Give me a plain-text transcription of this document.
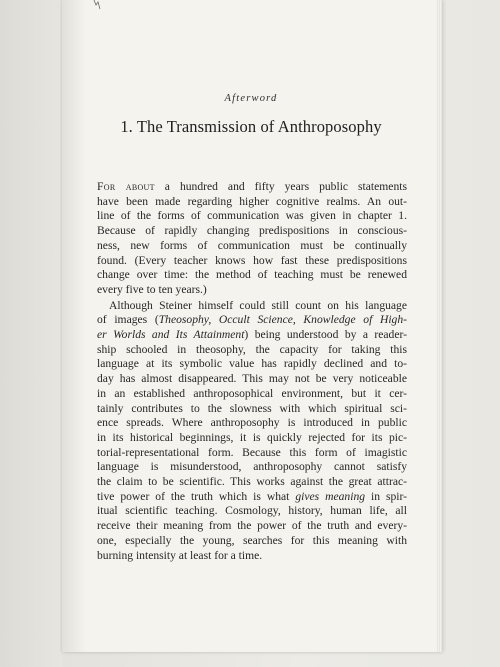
Afterword
1. The Transmission of Anthroposophy
For about a hundred and fifty years public statements
have been made regarding higher cognitive realms. An out-
line of the forms of communication was given in chapter 1.
Because of rapidly changing predispositions in conscious-
ness, new forms of communication must be continually
found. (Every teacher knows how fast these predispositions
change over time: the method of teaching must be renewed
every five to ten years.)
Although Steiner himself could still count on his language
of images (Theosophy, Occult Science, Knowledge of High-
er Worlds and Its Attainment) being understood by a reader-
ship schooled in theosophy, the capacity for taking this
language at its symbolic value has rapidly declined and to-
day has almost disappeared. This may not be very noticeable
in an established anthroposophical environment, but it cer-
tainly contributes to the slowness with which spiritual sci-
ence spreads. Where anthroposophy is introduced in public
in its historical beginnings, it is quickly rejected for its pic-
torial-representational form. Because this form of imagistic
language is misunderstood, anthroposophy cannot satisfy
the claim to be scientific. This works against the great attrac-
tive power of the truth which is what gives meaning in spir-
itual scientific teaching. Cosmology, history, human life, all
receive their meaning from the power of the truth and every-
one, especially the young, searches for this meaning with
burning intensity at least for a time.
